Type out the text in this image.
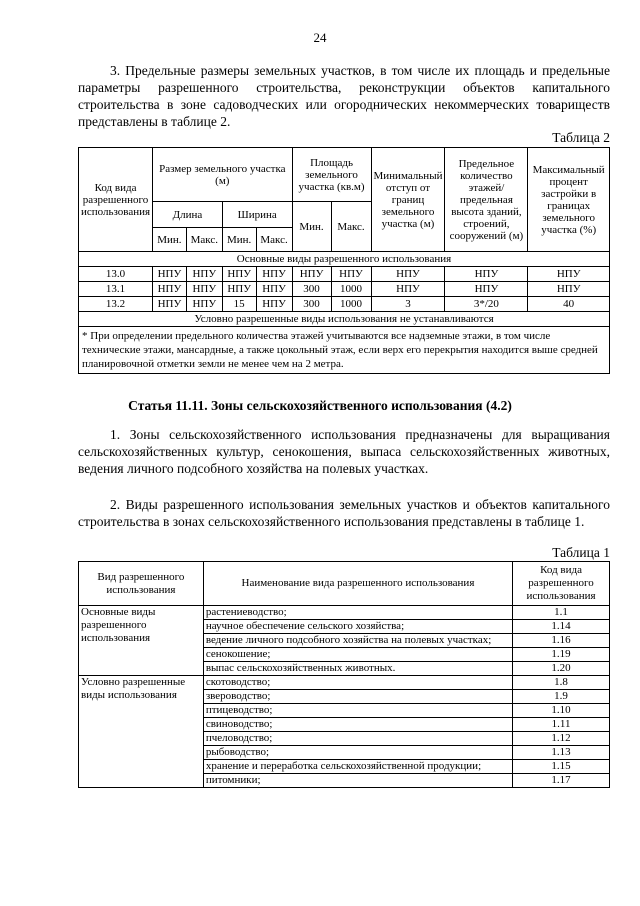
24
3. Предельные размеры земельных участков, в том числе их площадь и предельные параметры разрешенного строительства, реконструкции объектов капитального строительства в зоне садоводческих или огороднических некоммерческих товариществ представлены в таблице 2.
Таблица 2
Код вида разрешенного использования	Размер земельного участка (м)				Площадь земельного участка (кв.м)		Минимальный отступ от границ земельного участка (м)	Предельное количество этажей/ предельная высота зданий, строений, сооружений (м)	Максимальный процент застройки в границах земельного участка (%)
	Длина		Ширина		Мин.	Макс.			
	Мин.	Макс.	Мин.	Макс.					
Основные виды разрешенного использования									
13.0	НПУ	НПУ	НПУ	НПУ	НПУ	НПУ	НПУ	НПУ	НПУ
13.1	НПУ	НПУ	НПУ	НПУ	300	1000	НПУ	НПУ	НПУ
13.2	НПУ	НПУ	15	НПУ	300	1000	3	3*/20	40
Условно разрешенные виды использования не устанавливаются									
* При определении предельного количества этажей учитываются все надземные этажи, в том числе технические этажи, мансардные, а также цокольный этаж, если верх его перекрытия находится выше средней планировочной отметки земли не менее чем на 2 метра.									
Статья 11.11. Зоны сельскохозяйственного использования (4.2)
1. Зоны сельскохозяйственного использования предназначены для выращивания сельскохозяйственных культур, сенокошения, выпаса сельскохозяйственных животных, ведения личного подсобного хозяйства на полевых участках.
2. Виды разрешенного использования земельных участков и объектов капитального строительства в зонах сельскохозяйственного использования представлены в таблице 1.
Таблица 1
Вид разрешенного использования	Наименование вида разрешенного использования	Код вида разрешенного использования
Основные виды разрешенного использования	растениеводство;	1.1
	научное обеспечение сельского хозяйства;	1.14
	ведение личного подсобного хозяйства на полевых участках;	1.16
	сенокошение;	1.19
	выпас сельскохозяйственных животных.	1.20
Условно разрешенные виды использования	скотоводство;	1.8
	звероводство;	1.9
	птицеводство;	1.10
	свиноводство;	1.11
	пчеловодство;	1.12
	рыбоводство;	1.13
	хранение и переработка сельскохозяйственной продукции;	1.15
	питомники;	1.17
